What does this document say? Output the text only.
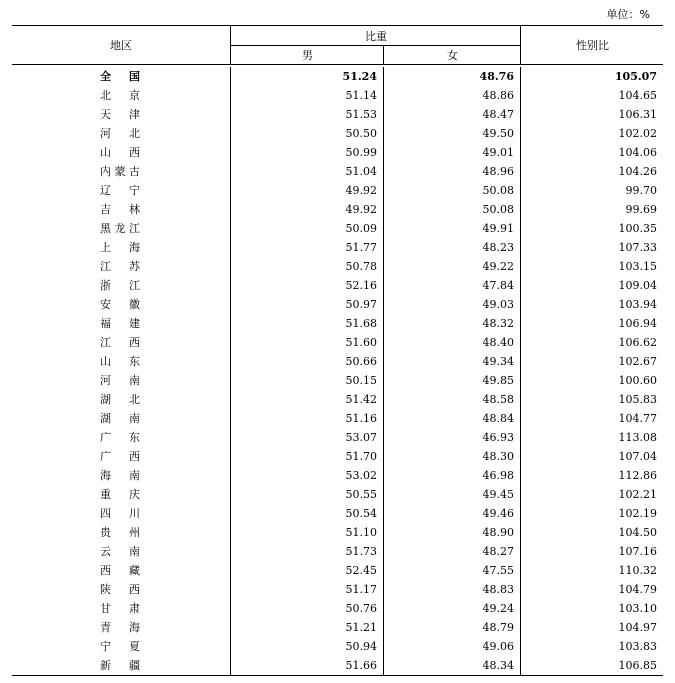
单位：%
地区
比重
男	女
性别比
全 国	51.24	48.76	105.07
北 京	51.14	48.86	104.65
天 津	51.53	48.47	106.31
河 北	50.50	49.50	102.02
山 西	50.99	49.01	104.06
内 蒙 古	51.04	48.96	104.26
辽 宁	49.92	50.08	99.70
吉 林	49.92	50.08	99.69
黑 龙 江	50.09	49.91	100.35
上 海	51.77	48.23	107.33
江 苏	50.78	49.22	103.15
浙 江	52.16	47.84	109.04
安 徽	50.97	49.03	103.94
福 建	51.68	48.32	106.94
江 西	51.60	48.40	106.62
山 东	50.66	49.34	102.67
河 南	50.15	49.85	100.60
湖 北	51.42	48.58	105.83
湖 南	51.16	48.84	104.77
广 东	53.07	46.93	113.08
广 西	51.70	48.30	107.04
海 南	53.02	46.98	112.86
重 庆	50.55	49.45	102.21
四 川	50.54	49.46	102.19
贵 州	51.10	48.90	104.50
云 南	51.73	48.27	107.16
西 藏	52.45	47.55	110.32
陕 西	51.17	48.83	104.79
甘 肃	50.76	49.24	103.10
青 海	51.21	48.79	104.97
宁 夏	50.94	49.06	103.83
新 疆	51.66	48.34	106.85
